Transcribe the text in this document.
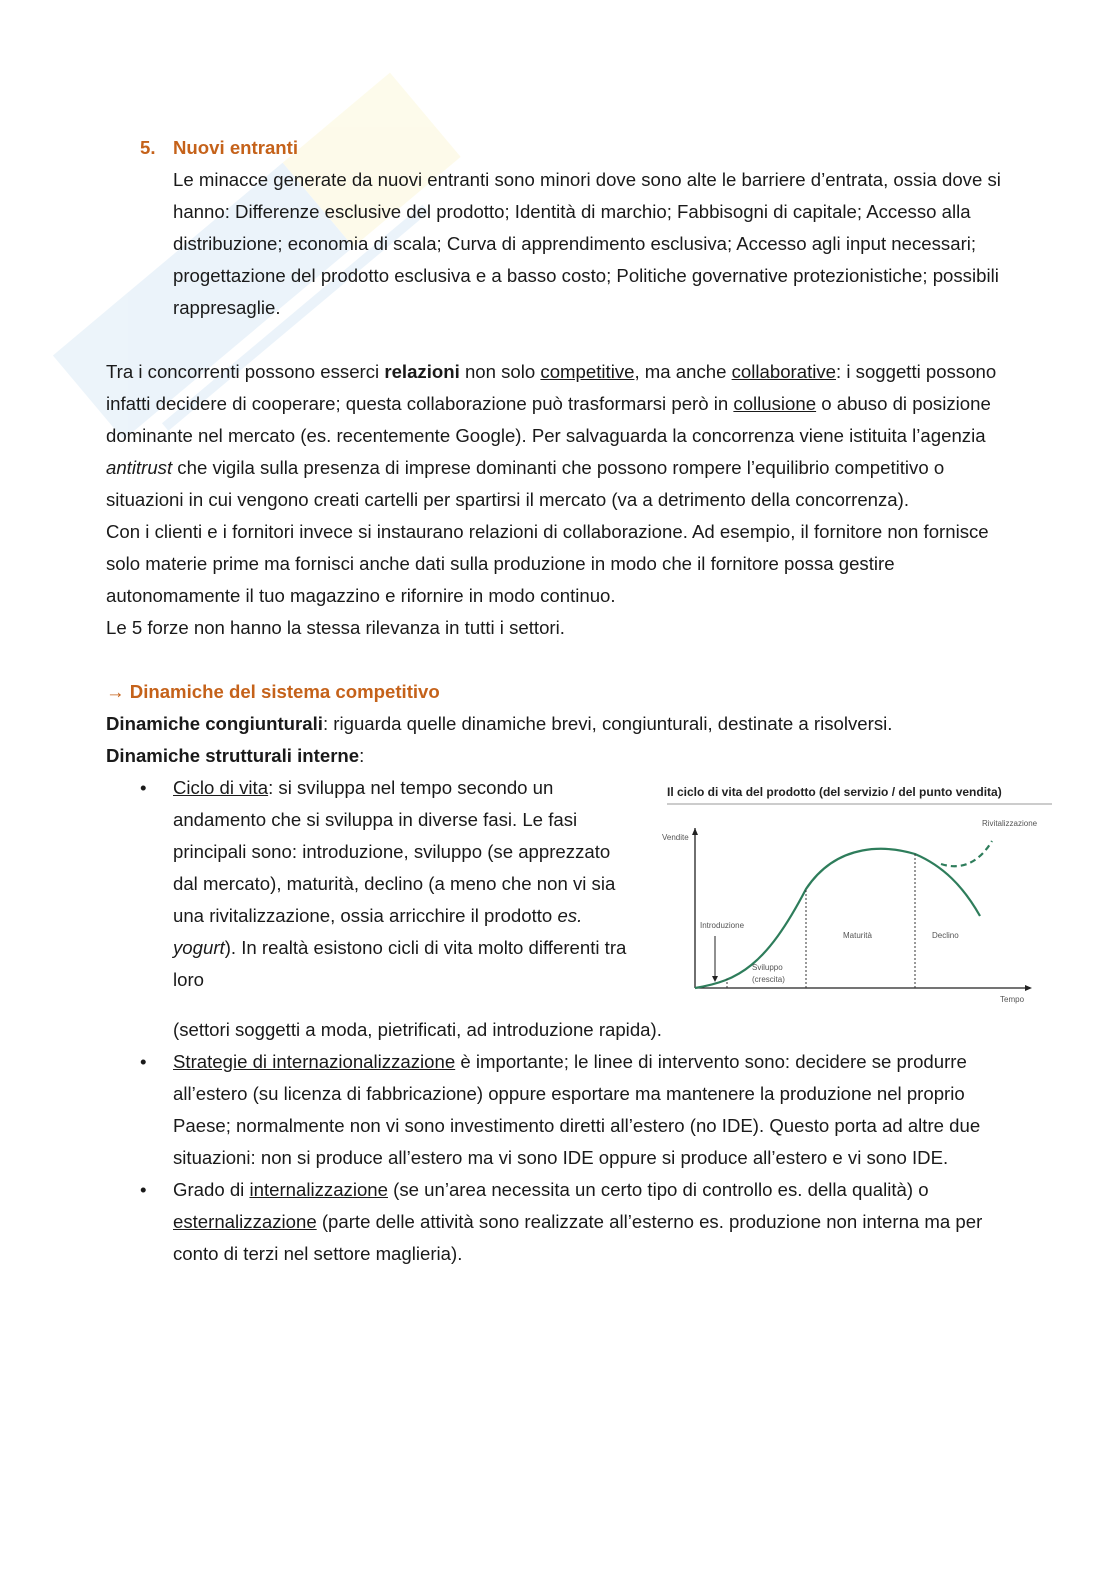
5. Nuovi entranti

Le minacce generate da nuovi entranti sono minori dove sono alte le barriere d’entrata, ossia dove si hanno: Differenze esclusive del prodotto; Identità di marchio; Fabbisogni di capitale; Accesso alla distribuzione; economia di scala; Curva di apprendimento esclusiva; Accesso agli input necessari; progettazione del prodotto esclusiva e a basso costo; Politiche governative protezionistiche; possibili rappresaglie.

Tra i concorrenti possono esserci relazioni non solo competitive, ma anche collaborative: i soggetti possono infatti decidere di cooperare; questa collaborazione può trasformarsi però in collusione o abuso di posizione dominante nel mercato (es. recentemente Google). Per salvaguarda la concorrenza viene istituita l’agenzia antitrust che vigila sulla presenza di imprese dominanti che possono rompere l’equilibrio competitivo o situazioni in cui vengono creati cartelli per spartirsi il mercato (va a detrimento della concorrenza).

Con i clienti e i fornitori invece si instaurano relazioni di collaborazione. Ad esempio, il fornitore non fornisce solo materie prime ma fornisci anche dati sulla produzione in modo che il fornitore possa gestire autonomamente il tuo magazzino e rifornire in modo continuo.

Le 5 forze non hanno la stessa rilevanza in tutti i settori.

→ Dinamiche del sistema competitivo

Dinamiche congiunturali: riguarda quelle dinamiche brevi, congiunturali, destinate a risolversi.

Dinamiche strutturali interne:

Il ciclo di vita del prodotto (del servizio / del punto vendita)
Vendite
Tempo
Introduzione
Sviluppo
(crescita)
Maturità	Declino
Rivitalizzazione
• Ciclo di vita: si sviluppa nel tempo secondo un andamento che si sviluppa in diverse fasi. Le fasi principali sono: introduzione, sviluppo (se apprezzato dal mercato), maturità, declino (a meno che non vi sia una rivitalizzazione, ossia arricchire il prodotto es. yogurt). In realtà esistono cicli di vita molto differenti tra loro
(settori soggetti a moda, pietrificati, ad introduzione rapida).
• Strategie di internazionalizzazione è importante; le linee di intervento sono: decidere se produrre all’estero (su licenza di fabbricazione) oppure esportare ma mantenere la produzione nel proprio Paese; normalmente non vi sono investimento diretti all’estero (no IDE). Questo porta ad altre due situazioni: non si produce all’estero ma vi sono IDE oppure si produce all’estero e vi sono IDE.
• Grado di internalizzazione (se un’area necessita un certo tipo di controllo es. della qualità) o esternalizzazione (parte delle attività sono realizzate all’esterno es. produzione non interna ma per conto di terzi nel settore maglieria).
